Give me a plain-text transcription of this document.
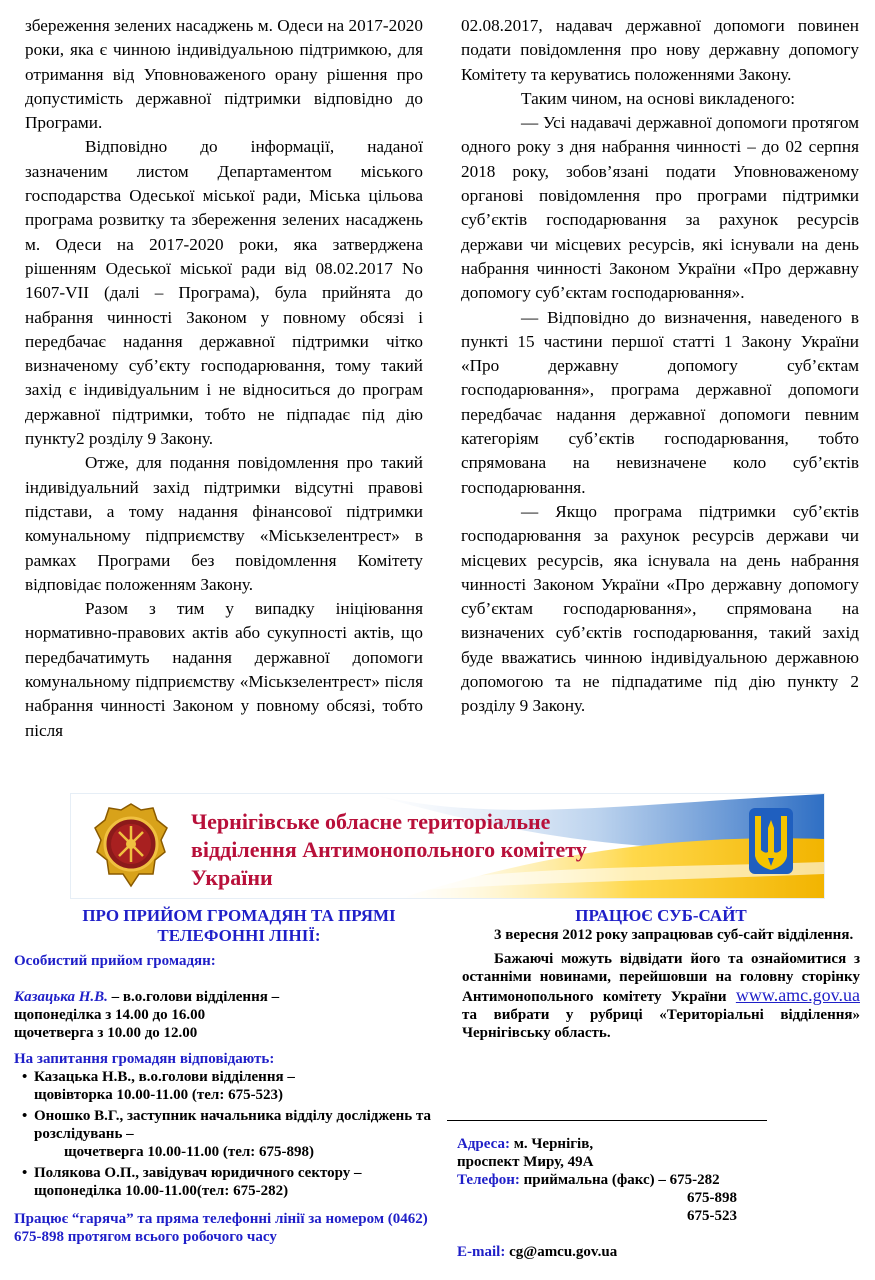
збереження зелених насаджень м. Одеси на 2017-2020 роки, яка є чинною індивідуальною підтримкою, для отримання від Уповноваженого орану рішення про допустимість державної підтримки відповідно до Програми.

Відповідно до інформації, наданої зазначеним листом Департаментом міського господарства Одеської міської ради, Міська цільова програма розвитку та збереження зелених насаджень м. Одеси на 2017-2020 роки, яка затверджена рішенням Одеської міської ради від 08.02.2017 No 1607-VII (далі – Програма), була прийнята до набрання чинності Законом у повному обсязі і передбачає надання державної підтримки чітко визначеному суб’єкту господарювання, тому такий захід є індивідуальним і не відноситься до програм державної підтримки, тобто не підпадає під дію пункту2 розділу 9 Закону.

Отже, для подання повідомлення про такий індивідуальний захід підтримки відсутні правові підстави, а тому надання фінансової підтримки комунальному підприємству «Міськзелентрест» в рамках Програми без повідомлення Комітету відповідає положенням Закону.

Разом з тим у випадку ініціювання нормативно-правових актів або сукупності актів, що передбачатимуть надання державної допомоги комунальному підприємству «Міськзелентрест» після набрання чинності Законом у повному обсязі, тобто після

02.08.2017, надавач державної допомоги повинен подати повідомлення про нову державну допомогу Комітету та керуватись положеннями Закону.

Таким чином, на основі викладеного:

— Усі надавачі державної допомоги протягом одного року з дня набрання чинності – до 02 серпня 2018 року, зобов’язані подати Уповноваженому органові повідомлення про програми підтримки суб’єктів господарювання за рахунок ресурсів держави чи місцевих ресурсів, які існували на день набрання чинності Законом України «Про державну допомогу суб’єктам господарювання».

— Відповідно до визначення, наведеного в пункті 15 частини першої статті 1 Закону України «Про державну допомогу суб’єктам господарювання», програма державної допомоги передбачає надання державної допомоги певним категоріям суб’єктів господарювання, тобто спрямована на невизначене коло суб’єктів господарювання.

— Якщо програма підтримки суб’єктів господарювання за рахунок ресурсів держави чи місцевих ресурсів, яка існувала на день набрання чинності Законом України «Про державну допомогу суб’єктам господарювання», спрямована на визначених суб’єктів господарювання, такий захід буде вважатись чинною індивідуальною державною допомогою та не підпадатиме під дію пункту 2 розділу 9 Закону.

Чернігівське обласне територіальне відділення Антимонопольного комітету України
ПРО ПРИЙОМ ГРОМАДЯН ТА ПРЯМІ ТЕЛЕФОННІ ЛІНІЇ:
Особистий прийом громадян:
Казацька Н.В. – в.о.голови відділення –
щопонеділка з 14.00 до 16.00
щочетверга з 10.00 до 12.00
На запитання громадян відповідають:
• Казацька Н.В., в.о.голови відділення –
щовівторка 10.00-11.00 (тел: 675-523)
• Оношко В.Г., заступник начальника відділу досліджень та розслідувань –
щочетверга 10.00-11.00 (тел: 675-898)
• Полякова О.П., завідувач юридичного сектору –
щопонеділка 10.00-11.00(тел: 675-282)
Працює “гаряча” та пряма телефонні лінії за номером (0462) 675-898 протягом всього робочого часу
ПРАЦЮЄ СУБ-САЙТ

3 вересня 2012 року запрацював суб-сайт відділення.

Бажаючі можуть відвідати його та ознайомитися з останніми новинами, перейшовши на головну сторінку Антимонопольного комітету України www.amc.gov.ua та вибрати у рубриці «Територіальні відділення» Чернігівську область.

Адреса: м. Чернігів,
проспект Миру, 49А
Телефон: приймальна (факс) – 675-282
675-898
675-523
E-mail: cg@amcu.gov.ua
